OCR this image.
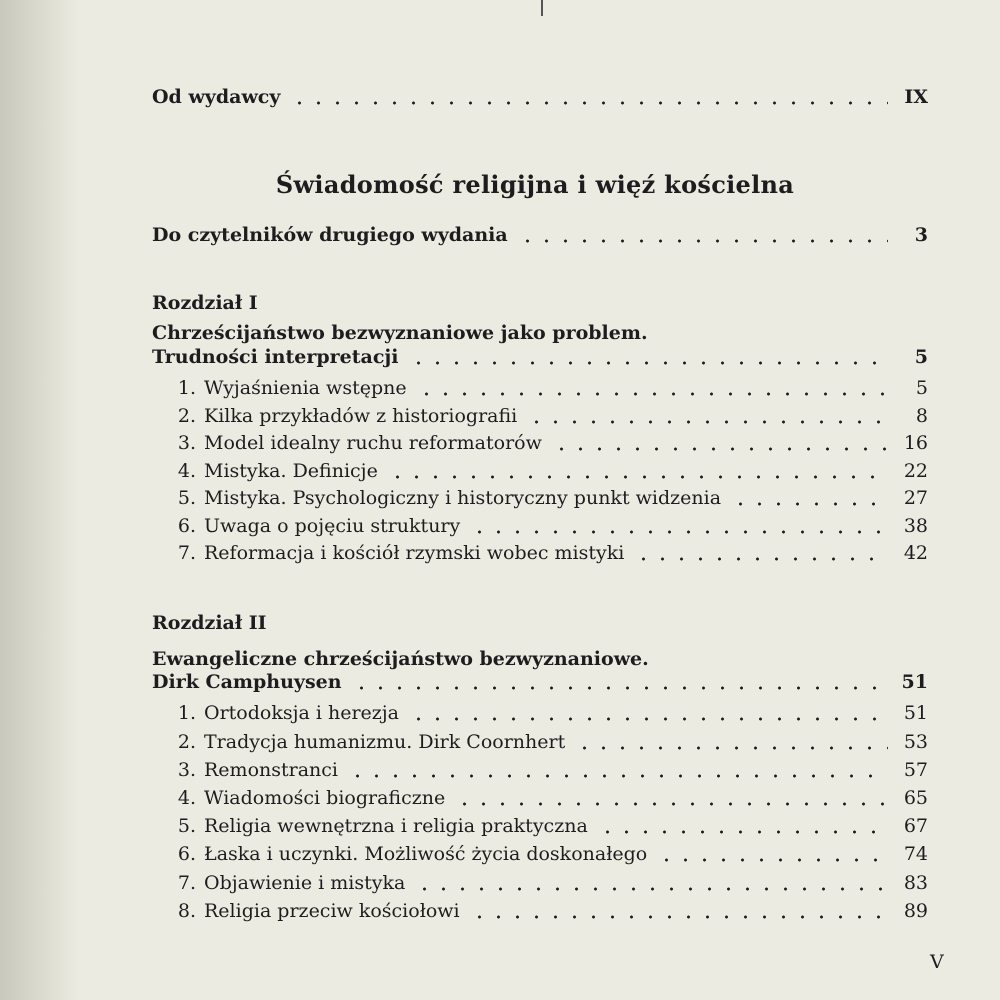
Od wydawcy	IX
Świadomość religijna i więź kościelna
Do czytelników drugiego wydania	3
Rozdział I
Chrześcijaństwo bezwyznaniowe jako problem.
Trudności interpretacji	5
1. Wyjaśnienia wstępne	5
2. Kilka przykładów z historiografii	8
3. Model idealny ruchu reformatorów	16
4. Mistyka. Definicje	22
5. Mistyka. Psychologiczny i historyczny punkt widzenia	27
6. Uwaga o pojęciu struktury	38
7. Reformacja i kościół rzymski wobec mistyki	42
Rozdział II
Ewangeliczne chrześcijaństwo bezwyznaniowe.
Dirk Camphuysen	51
1. Ortodoksja i herezja	51
2. Tradycja humanizmu. Dirk Coornhert	53
3. Remonstranci	57
4. Wiadomości biograficzne	65
5. Religia wewnętrzna i religia praktyczna	67
6. Łaska i uczynki. Możliwość życia doskonałego	74
7. Objawienie i mistyka	83
8. Religia przeciw kościołowi	89
V
